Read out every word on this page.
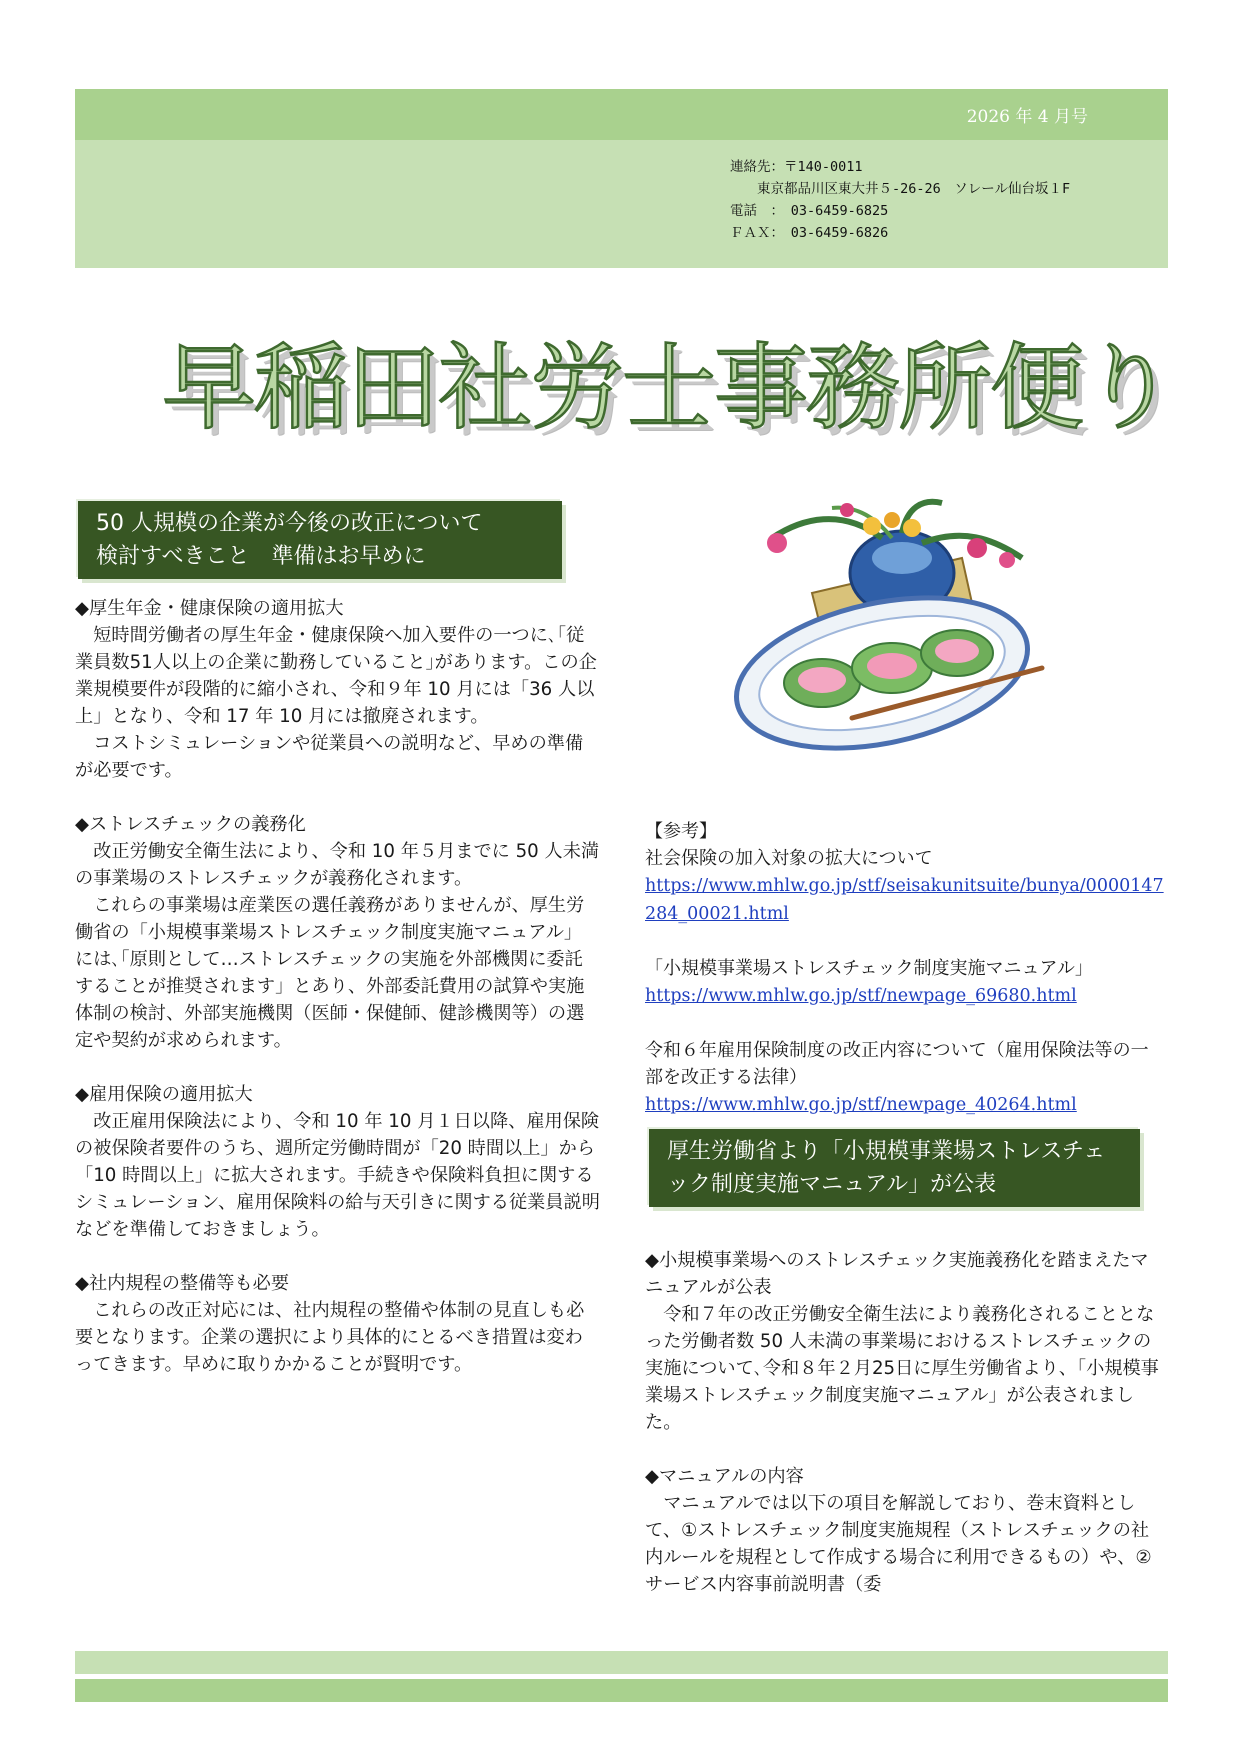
2026 年 4 月号
連絡先：〒140-0011
　　東京都品川区東大井５-26-26　ソレール仙台坂１F
電話　：　03-6459-6825
ＦＡＸ：　03-6459-6826
早稲田社労士事務所便り
50 人規模の企業が今後の改正について
検討すべきこと　準備はお早めに

◆厚生年金・健康保険の適用拡大

短時間労働者の厚生年金・健康保険へ加入要件の一つに､｢従業員数51人以上の企業に勤務していること｣があります。この企業規模要件が段階的に縮小され、令和９年 10 月には「36 人以上」となり、令和 17 年 10 月には撤廃されます。

コストシミュレーションや従業員への説明など、早めの準備が必要です。

◆ストレスチェックの義務化

改正労働安全衛生法により、令和 10 年５月までに 50 人未満の事業場のストレスチェックが義務化されます。

これらの事業場は産業医の選任義務がありませんが、厚生労働省の「小規模事業場ストレスチェック制度実施マニュアル」には､｢原則として…ストレスチェックの実施を外部機関に委託することが推奨されます」とあり、外部委託費用の試算や実施体制の検討、外部実施機関（医師・保健師、健診機関等）の選定や契約が求められます。

◆雇用保険の適用拡大

改正雇用保険法により、令和 10 年 10 月１日以降、雇用保険の被保険者要件のうち、週所定労働時間が「20 時間以上」から「10 時間以上」に拡大されます。手続きや保険料負担に関するシミュレーション、雇用保険料の給与天引きに関する従業員説明などを準備しておきましょう。

◆社内規程の整備等も必要

これらの改正対応には、社内規程の整備や体制の見直しも必要となります。企業の選択により具体的にとるべき措置は変わってきます。早めに取りかかることが賢明です。

【参考】

社会保険の加入対象の拡大について

https://www.mhlw.go.jp/stf/seisakunitsuite/bunya/0000147284_00021.html

「小規模事業場ストレスチェック制度実施マニュアル」

https://www.mhlw.go.jp/stf/newpage_69680.html

令和６年雇用保険制度の改正内容について（雇用保険法等の一部を改正する法律）

https://www.mhlw.go.jp/stf/newpage_40264.html

厚生労働省より「小規模事業場ストレスチェック制度実施マニュアル」が公表

◆小規模事業場へのストレスチェック実施義務化を踏まえたマニュアルが公表

令和７年の改正労働安全衛生法により義務化されることとなった労働者数 50 人未満の事業場におけるストレスチェックの実施について､令和８年２月25日に厚生労働省より、「小規模事業場ストレスチェック制度実施マニュアル」が公表されました。

◆マニュアルの内容

マニュアルでは以下の項目を解説しており、巻末資料として、①ストレスチェック制度実施規程（ストレスチェックの社内ルールを規程として作成する場合に利用できるもの）や、②サービス内容事前説明書（委
